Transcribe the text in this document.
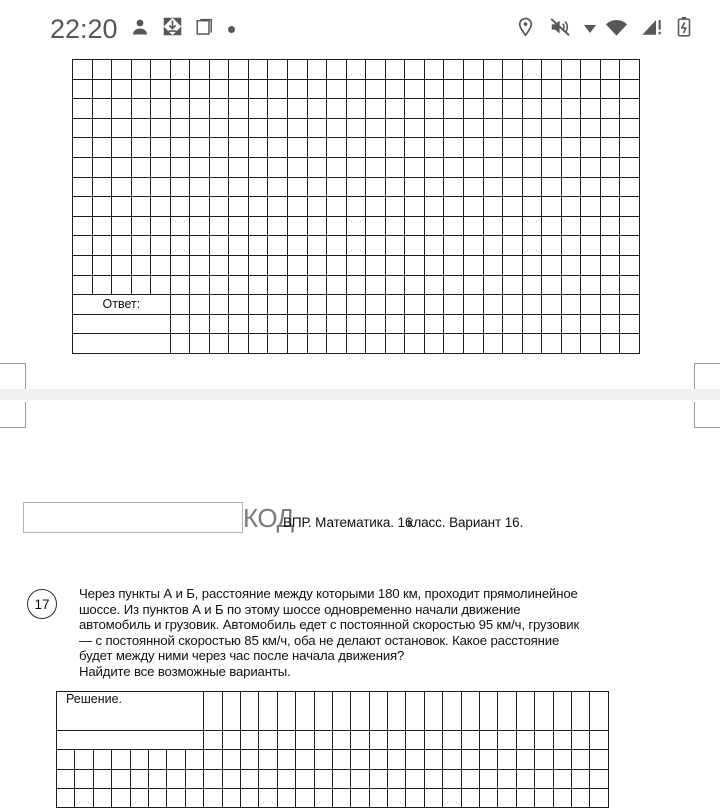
22:20

Ответ:																												

КОД
ВПР. Математика. 16класс. Вариант 16.
17
Через пункты А и Б, расстояние между которыми 180 км, проходит прямолинейное
шоссе. Из пунктов А и Б по этому шоссе одновременно начали движение
автомобиль и грузовик. Автомобиль едет с постоянной скоростью 95 км/ч, грузовик
— с постоянной скоростью 85 км/ч, оба не делают остановок. Какое расстояние
будет между ними через час после начала движения?
Найдите все возможные варианты.
Решение.																													
